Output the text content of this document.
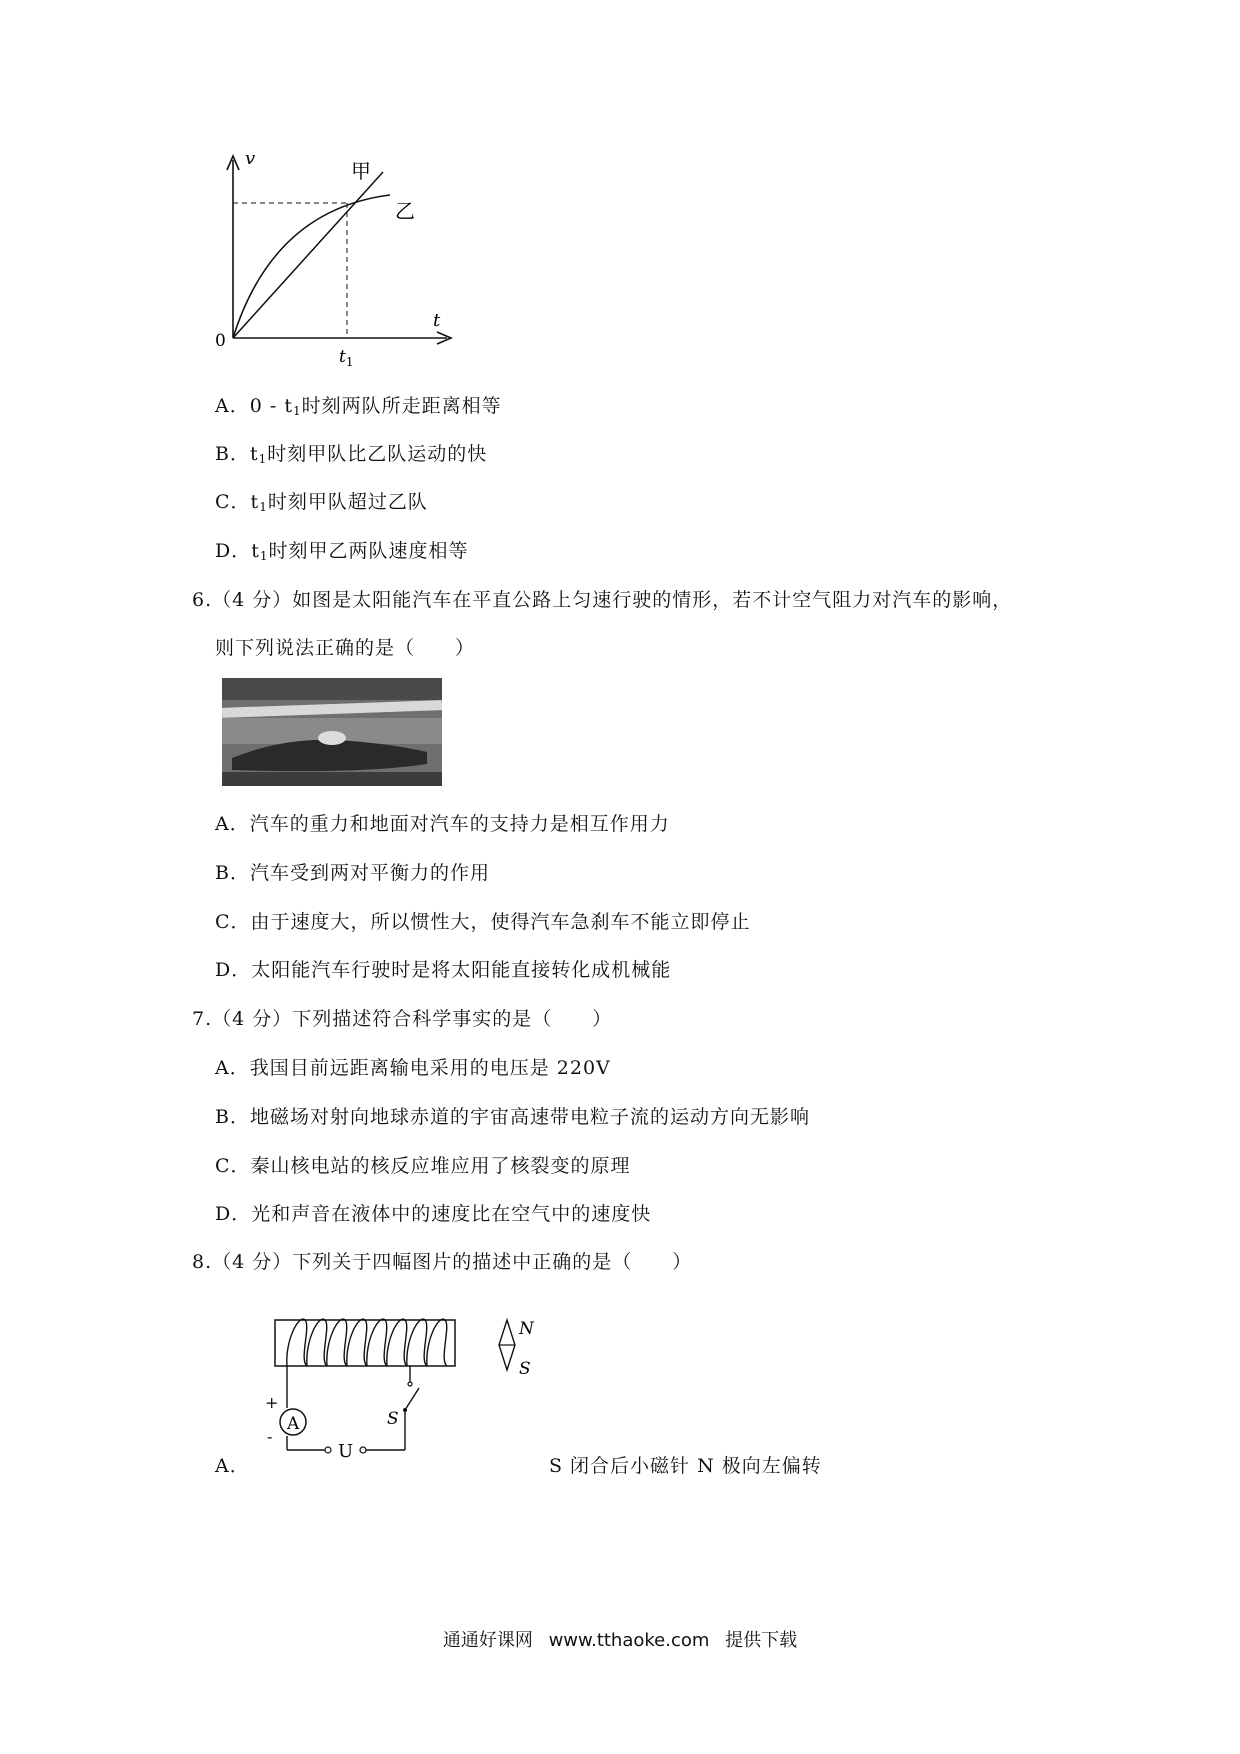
v
t
0
$t_1$
甲
乙
A．$0 - t_1$时刻两队所走距离相等
B．$t_1$时刻甲队比乙队运动的快
C．$t_1$时刻甲队超过乙队
D．$t_1$时刻甲乙两队速度相等
6.（4 分）如图是太阳能汽车在平直公路上匀速行驶的情形，若不计空气阻力对汽车的影响，
则下列说法正确的是（　　）
A．汽车的重力和地面对汽车的支持力是相互作用力
B．汽车受到两对平衡力的作用
C．由于速度大，所以惯性大，使得汽车急刹车不能立即停止
D．太阳能汽车行驶时是将太阳能直接转化成机械能
7.（4 分）下列描述符合科学事实的是（　　）
A．我国目前远距离输电采用的电压是 220V
B．地磁场对射向地球赤道的宇宙高速带电粒子流的运动方向无影响
C．秦山核电站的核反应堆应用了核裂变的原理
D．光和声音在液体中的速度比在空气中的速度快
8.（4 分）下列关于四幅图片的描述中正确的是（　　）
A
+
-
U
S
N
S
A．	S 闭合后小磁针 N 极向左偏转
通通好课网 www.tthaoke.com 提供下载
